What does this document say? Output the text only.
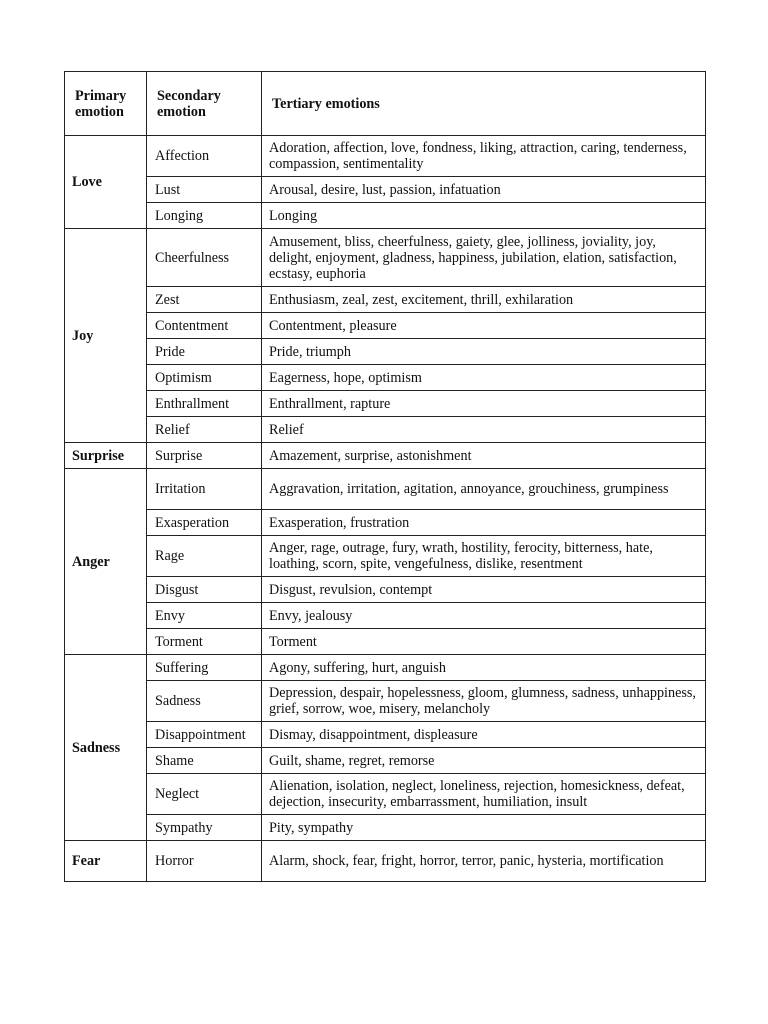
Primary emotion	Secondary emotion	Tertiary emotions
Love	Affection	Adoration, affection, love, fondness, liking, attraction, caring, tenderness, compassion, sentimentality
	Lust	Arousal, desire, lust, passion, infatuation
	Longing	Longing
Joy	Cheerfulness	Amusement, bliss, cheerfulness, gaiety, glee, jolliness, joviality, joy, delight, enjoyment, gladness, happiness, jubilation, elation, satisfaction, ecstasy, euphoria
	Zest	Enthusiasm, zeal, zest, excitement, thrill, exhilaration
	Contentment	Contentment, pleasure
	Pride	Pride, triumph
	Optimism	Eagerness, hope, optimism
	Enthrallment	Enthrallment, rapture
	Relief	Relief
Surprise	Surprise	Amazement, surprise, astonishment
Anger	Irritation	Aggravation, irritation, agitation, annoyance, grouchiness, grumpiness
	Exasperation	Exasperation, frustration
	Rage	Anger, rage, outrage, fury, wrath, hostility, ferocity, bitterness, hate, loathing, scorn, spite, vengefulness, dislike, resentment
	Disgust	Disgust, revulsion, contempt
	Envy	Envy, jealousy
	Torment	Torment
Sadness	Suffering	Agony, suffering, hurt, anguish
	Sadness	Depression, despair, hopelessness, gloom, glumness, sadness, unhappiness, grief, sorrow, woe, misery, melancholy
	Disappointment	Dismay, disappointment, displeasure
	Shame	Guilt, shame, regret, remorse
	Neglect	Alienation, isolation, neglect, loneliness, rejection, homesickness, defeat, dejection, insecurity, embarrassment, humiliation, insult
	Sympathy	Pity, sympathy
Fear	Horror	Alarm, shock, fear, fright, horror, terror, panic, hysteria, mortification
